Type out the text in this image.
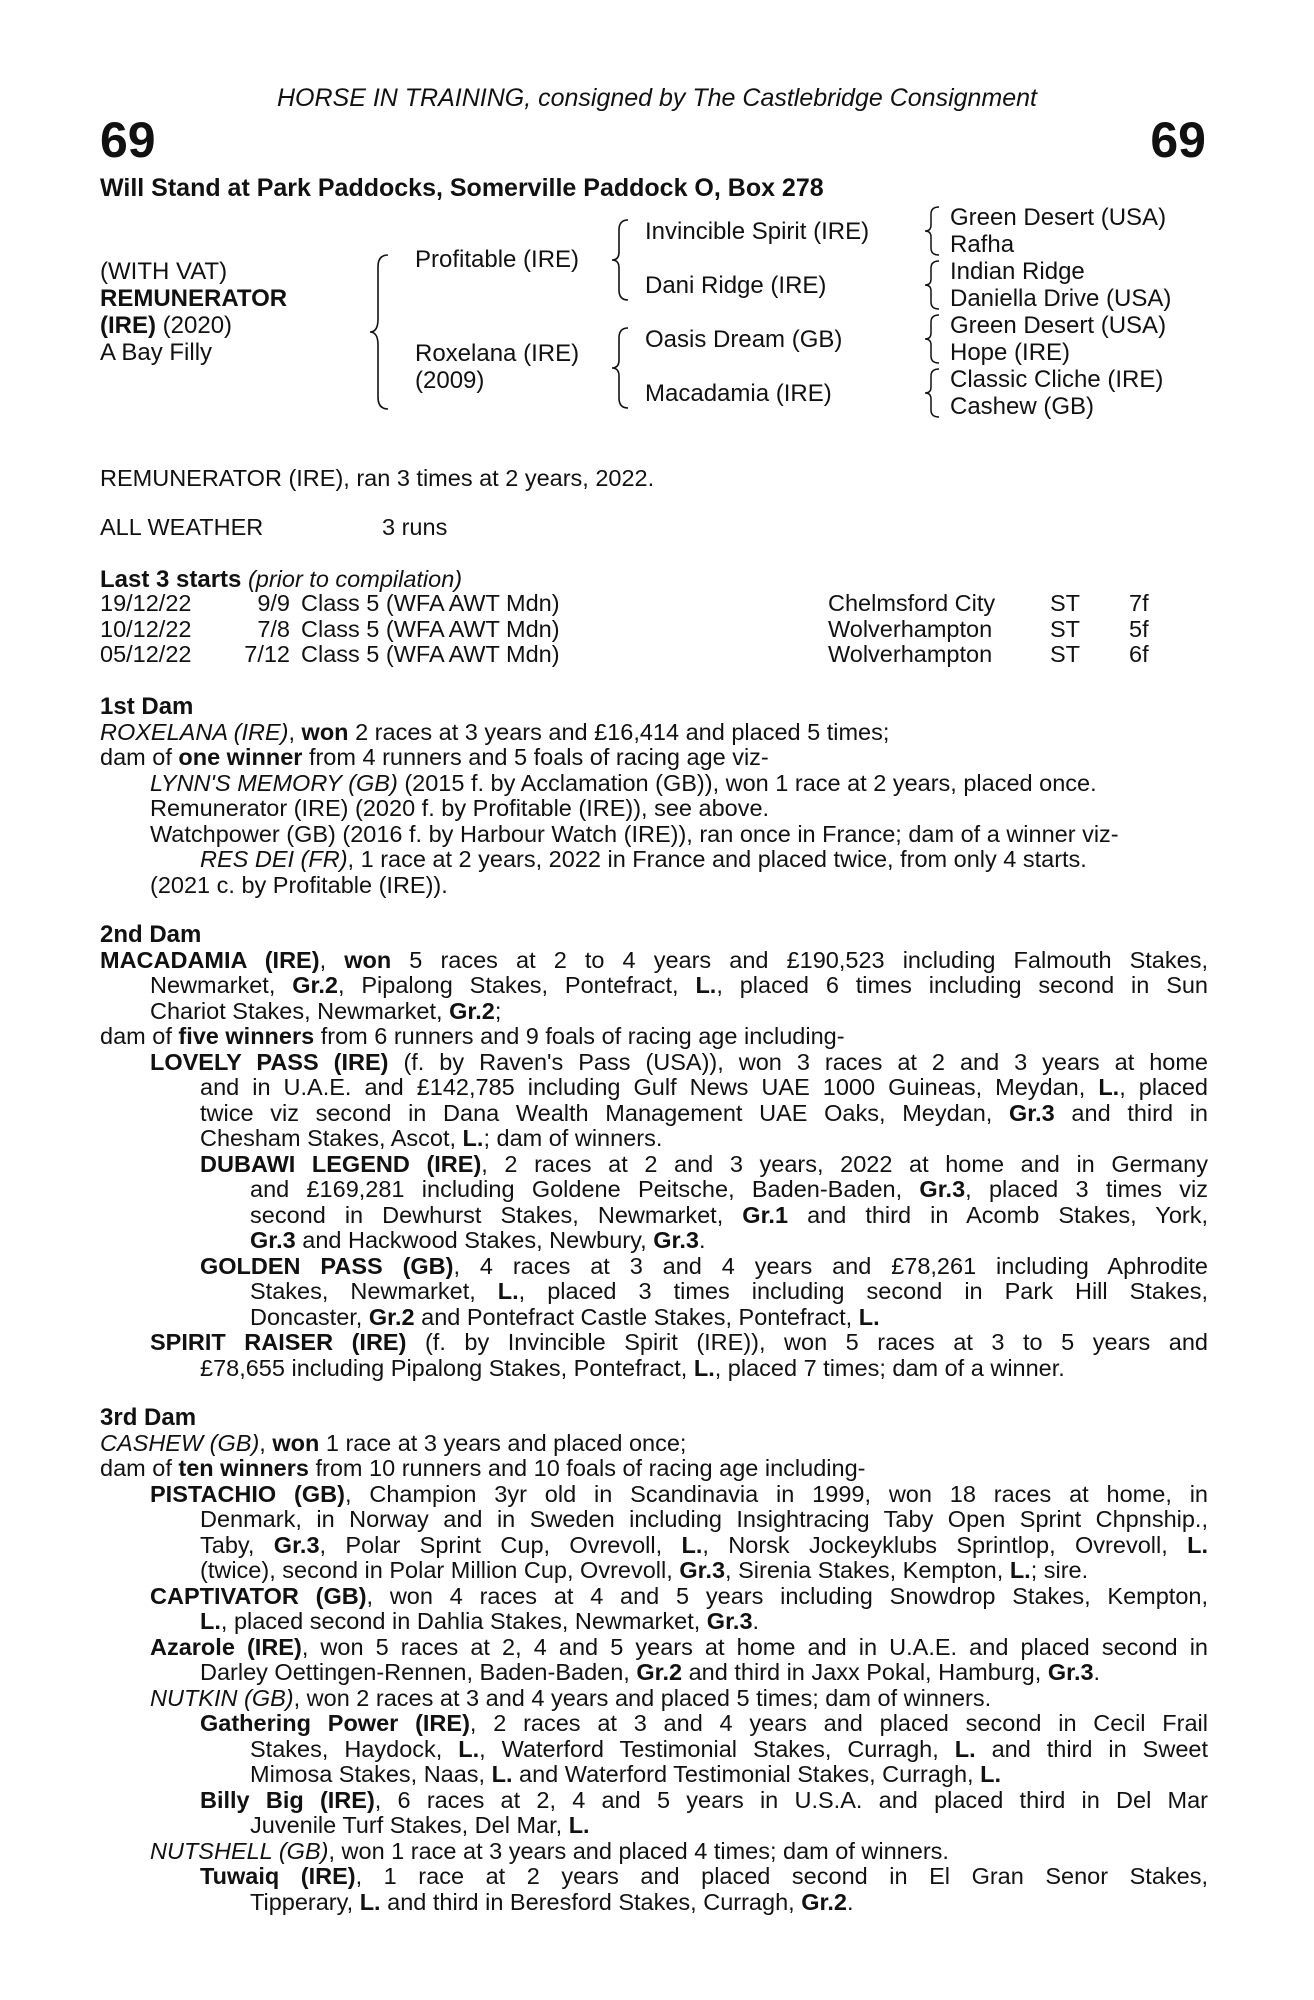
HORSE IN TRAINING, consigned by The Castlebridge Consignment
69	69
Will Stand at Park Paddocks, Somerville Paddock O, Box 278
(WITH VAT)
REMUNERATOR
(IRE) (2020)
A Bay Filly
Profitable (IRE)
Roxelana (IRE)
(2009)
Invincible Spirit (IRE)
Dani Ridge (IRE)
Oasis Dream (GB)
Macadamia (IRE)
Green Desert (USA)
Rafha
Indian Ridge
Daniella Drive (USA)
Green Desert (USA)
Hope (IRE)
Classic Cliche (IRE)
Cashew (GB)
REMUNERATOR (IRE), ran 3 times at 2 years, 2022.
ALL WEATHER	3 runs
Last 3 starts (prior to compilation)
19/12/22	9/9	Class 5 (WFA AWT Mdn)	Chelmsford City	ST	7f
10/12/22	7/8	Class 5 (WFA AWT Mdn)	Wolverhampton	ST	5f
05/12/22	7/12	Class 5 (WFA AWT Mdn)	Wolverhampton	ST	6f
1st Dam
ROXELANA (IRE), won 2 races at 3 years and £16,414 and placed 5 times;
dam of one winner from 4 runners and 5 foals of racing age viz-
LYNN'S MEMORY (GB) (2015 f. by Acclamation (GB)), won 1 race at 2 years, placed once.
Remunerator (IRE) (2020 f. by Profitable (IRE)), see above.
Watchpower (GB) (2016 f. by Harbour Watch (IRE)), ran once in France; dam of a winner viz-
RES DEI (FR), 1 race at 2 years, 2022 in France and placed twice, from only 4 starts.
(2021 c. by Profitable (IRE)).
2nd Dam
MACADAMIA (IRE), won 5 races at 2 to 4 years and £190,523 including Falmouth Stakes,
Newmarket, Gr.2, Pipalong Stakes, Pontefract, L., placed 6 times including second in Sun
Chariot Stakes, Newmarket, Gr.2;
dam of five winners from 6 runners and 9 foals of racing age including-
LOVELY PASS (IRE) (f. by Raven's Pass (USA)), won 3 races at 2 and 3 years at home
and in U.A.E. and £142,785 including Gulf News UAE 1000 Guineas, Meydan, L., placed
twice viz second in Dana Wealth Management UAE Oaks, Meydan, Gr.3 and third in
Chesham Stakes, Ascot, L.; dam of winners.
DUBAWI LEGEND (IRE), 2 races at 2 and 3 years, 2022 at home and in Germany
and £169,281 including Goldene Peitsche, Baden-Baden, Gr.3, placed 3 times viz
second in Dewhurst Stakes, Newmarket, Gr.1 and third in Acomb Stakes, York,
Gr.3 and Hackwood Stakes, Newbury, Gr.3.
GOLDEN PASS (GB), 4 races at 3 and 4 years and £78,261 including Aphrodite
Stakes, Newmarket, L., placed 3 times including second in Park Hill Stakes,
Doncaster, Gr.2 and Pontefract Castle Stakes, Pontefract, L.
SPIRIT RAISER (IRE) (f. by Invincible Spirit (IRE)), won 5 races at 3 to 5 years and
£78,655 including Pipalong Stakes, Pontefract, L., placed 7 times; dam of a winner.
3rd Dam
CASHEW (GB), won 1 race at 3 years and placed once;
dam of ten winners from 10 runners and 10 foals of racing age including-
PISTACHIO (GB), Champion 3yr old in Scandinavia in 1999, won 18 races at home, in
Denmark, in Norway and in Sweden including Insightracing Taby Open Sprint Chpnship.,
Taby, Gr.3, Polar Sprint Cup, Ovrevoll, L., Norsk Jockeyklubs Sprintlop, Ovrevoll, L.
(twice), second in Polar Million Cup, Ovrevoll, Gr.3, Sirenia Stakes, Kempton, L.; sire.
CAPTIVATOR (GB), won 4 races at 4 and 5 years including Snowdrop Stakes, Kempton,
L., placed second in Dahlia Stakes, Newmarket, Gr.3.
Azarole (IRE), won 5 races at 2, 4 and 5 years at home and in U.A.E. and placed second in
Darley Oettingen-Rennen, Baden-Baden, Gr.2 and third in Jaxx Pokal, Hamburg, Gr.3.
NUTKIN (GB), won 2 races at 3 and 4 years and placed 5 times; dam of winners.
Gathering Power (IRE), 2 races at 3 and 4 years and placed second in Cecil Frail
Stakes, Haydock, L., Waterford Testimonial Stakes, Curragh, L. and third in Sweet
Mimosa Stakes, Naas, L. and Waterford Testimonial Stakes, Curragh, L.
Billy Big (IRE), 6 races at 2, 4 and 5 years in U.S.A. and placed third in Del Mar
Juvenile Turf Stakes, Del Mar, L.
NUTSHELL (GB), won 1 race at 3 years and placed 4 times; dam of winners.
Tuwaiq (IRE), 1 race at 2 years and placed second in El Gran Senor Stakes,
Tipperary, L. and third in Beresford Stakes, Curragh, Gr.2.
